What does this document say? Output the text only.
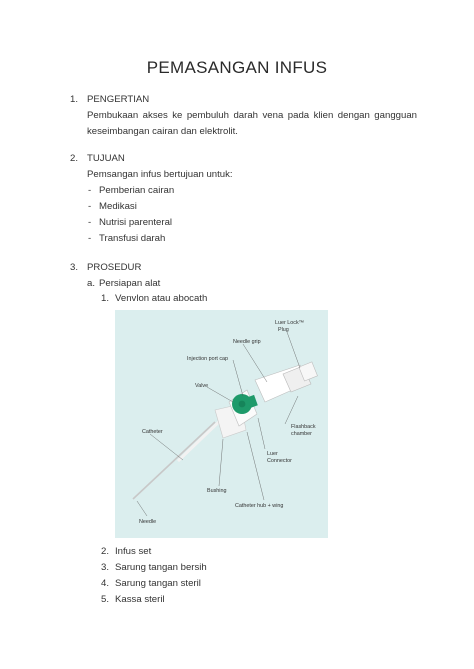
PEMASANGAN INFUS
1. PENGERTIAN
Pembukaan akses ke pembuluh darah vena pada klien dengan gangguan
keseimbangan cairan dan elektrolit.
2. TUJUAN
Pemsangan infus bertujuan untuk:
- Pemberian cairan
- Medikasi
- Nutrisi parenteral
- Transfusi darah
3. PROSEDUR
a. Persiapan alat
1. Venvlon atau abocath
Luer Lock™
Plug
Needle grip
Injection port cap
Valve
Catheter
Flashback
chamber
Luer
Connector
Bushing
Catheter hub + wing
Needle
2. Infus set
3. Sarung tangan bersih
4. Sarung tangan steril
5. Kassa steril
